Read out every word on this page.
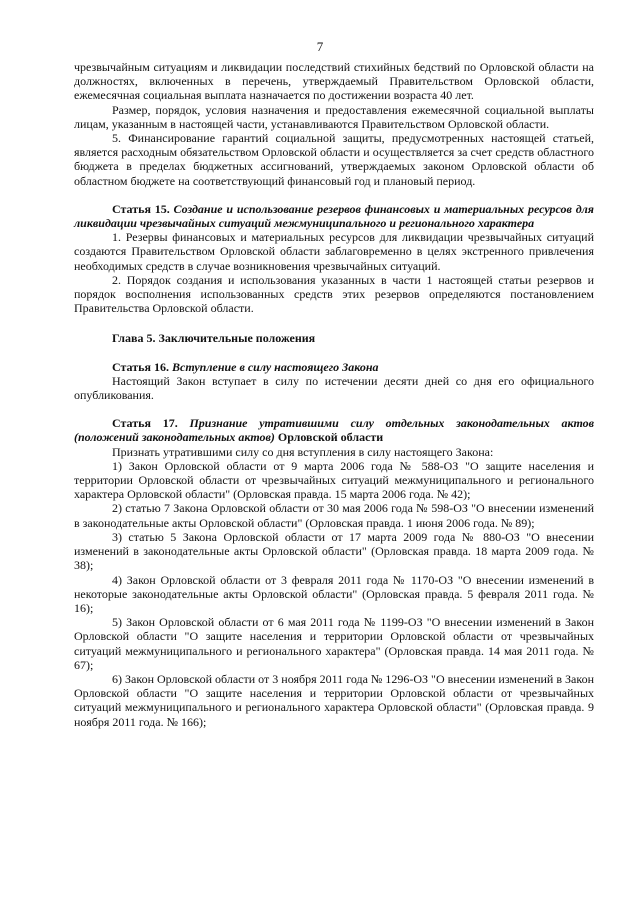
7

чрезвычайным ситуациям и ликвидации последствий стихийных бедствий по Орловской области на должностях, включенных в перечень, утверждаемый Правительством Орловской области, ежемесячная социальная выплата назначается по достижении возраста 40 лет.

Размер, порядок, условия назначения и предоставления ежемесячной социальной выплаты лицам, указанным в настоящей части, устанавливаются Правительством Орловской области.

5. Финансирование гарантий социальной защиты, предусмотренных настоящей статьей, является расходным обязательством Орловской области и осуществляется за счет средств областного бюджета в пределах бюджетных ассигнований, утверждаемых законом Орловской области об областном бюджете на соответствующий финансовый год и плановый период.

Статья 15. Создание и использование резервов финансовых и материальных ресурсов для ликвидации чрезвычайных ситуаций межмуниципального и регионального характера

1. Резервы финансовых и материальных ресурсов для ликвидации чрезвычайных ситуаций создаются Правительством Орловской области заблаговременно в целях экстренного привлечения необходимых средств в случае возникновения чрезвычайных ситуаций.

2. Порядок создания и использования указанных в части 1 настоящей статьи резервов и порядок восполнения использованных средств этих резервов определяются постановлением Правительства Орловской области.

Глава 5. Заключительные положения

Статья 16. Вступление в силу настоящего Закона

Настоящий Закон вступает в силу по истечении десяти дней со дня его официального опубликования.

Статья 17. Признание утратившими силу отдельных законодательных актов (положений законодательных актов) Орловской области

Признать утратившими силу со дня вступления в силу настоящего Закона:

1) Закон Орловской области от 9 марта 2006 года № 588-ОЗ "О защите населения и территории Орловской области от чрезвычайных ситуаций межмуниципального и регионального характера Орловской области" (Орловская правда. 15 марта 2006 года. № 42);

2) статью 7 Закона Орловской области от 30 мая 2006 года № 598-ОЗ "О внесении изменений в законодательные акты Орловской области" (Орловская правда. 1 июня 2006 года. № 89);

3) статью 5 Закона Орловской области от 17 марта 2009 года № 880-ОЗ "О внесении изменений в законодательные акты Орловской области" (Орловская правда. 18 марта 2009 года. № 38);

4) Закон Орловской области от 3 февраля 2011 года № 1170-ОЗ "О внесении изменений в некоторые законодательные акты Орловской области" (Орловская правда. 5 февраля 2011 года. № 16);

5) Закон Орловской области от 6 мая 2011 года № 1199-ОЗ "О внесении изменений в Закон Орловской области "О защите населения и территории Орловской области от чрезвычайных ситуаций межмуниципального и регионального характера" (Орловская правда. 14 мая 2011 года. № 67);

6) Закон Орловской области от 3 ноября 2011 года № 1296-ОЗ "О внесении изменений в Закон Орловской области "О защите населения и территории Орловской области от чрезвычайных ситуаций межмуниципального и регионального характера Орловской области" (Орловская правда. 9 ноября 2011 года. № 166);
